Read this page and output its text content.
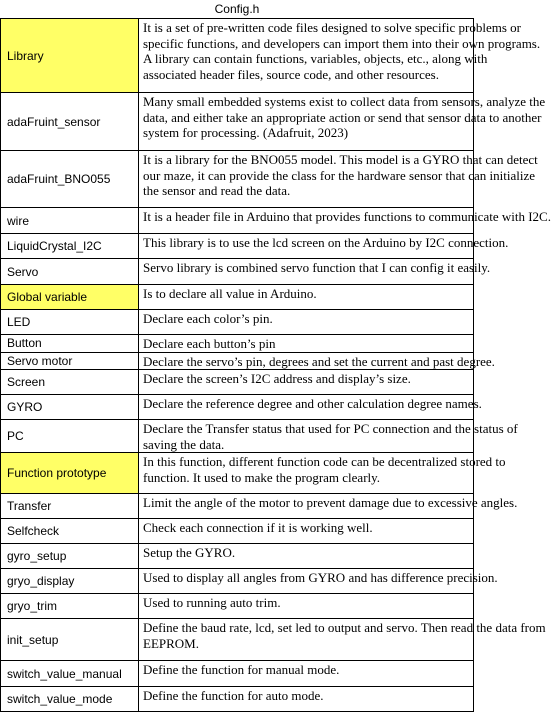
Config.h
Library	It is a set of pre-written code files designed to solve specific problems or
specific functions, and developers can import them into their own programs.
A library can contain functions, variables, objects, etc., along with
associated header files, source code, and other resources.

adaFruint_sensor	Many small embedded systems exist to collect data from sensors, analyze the
data, and either take an appropriate action or send that sensor data to another
system for processing. (Adafruit, 2023)

adaFruint_BNO055	It is a library for the BNO055 model. This model is a GYRO that can detect
our maze, it can provide the class for the hardware sensor that can initialize
the sensor and read the data.

wire	It is a header file in Arduino that provides functions to communicate with I2C.

LiquidCrystal_I2C	This library is to use the lcd screen on the Arduino by I2C connection.

Servo	Servo library is combined servo function that I can config it easily.

Global variable	Is to declare all value in Arduino.

LED	Declare each color’s pin.

Button	Declare each button’s pin

Servo motor	Declare the servo’s pin, degrees and set the current and past degree.

Screen	Declare the screen’s I2C address and display’s size.

GYRO	Declare the reference degree and other calculation degree names.

PC	Declare the Transfer status that used for PC connection and the status of
saving the data.

Function prototype	In this function, different function code can be decentralized stored to
function. It used to make the program clearly.

Transfer	Limit the angle of the motor to prevent damage due to excessive angles.

Selfcheck	Check each connection if it is working well.

gyro_setup	Setup the GYRO.

gryo_display	Used to display all angles from GYRO and has difference precision.

gryo_trim	Used to running auto trim.

init_setup	Define the baud rate, lcd, set led to output and servo. Then read the data from
EEPROM.

switch_value_manual	Define the function for manual mode.

switch_value_mode	Define the function for auto mode.
